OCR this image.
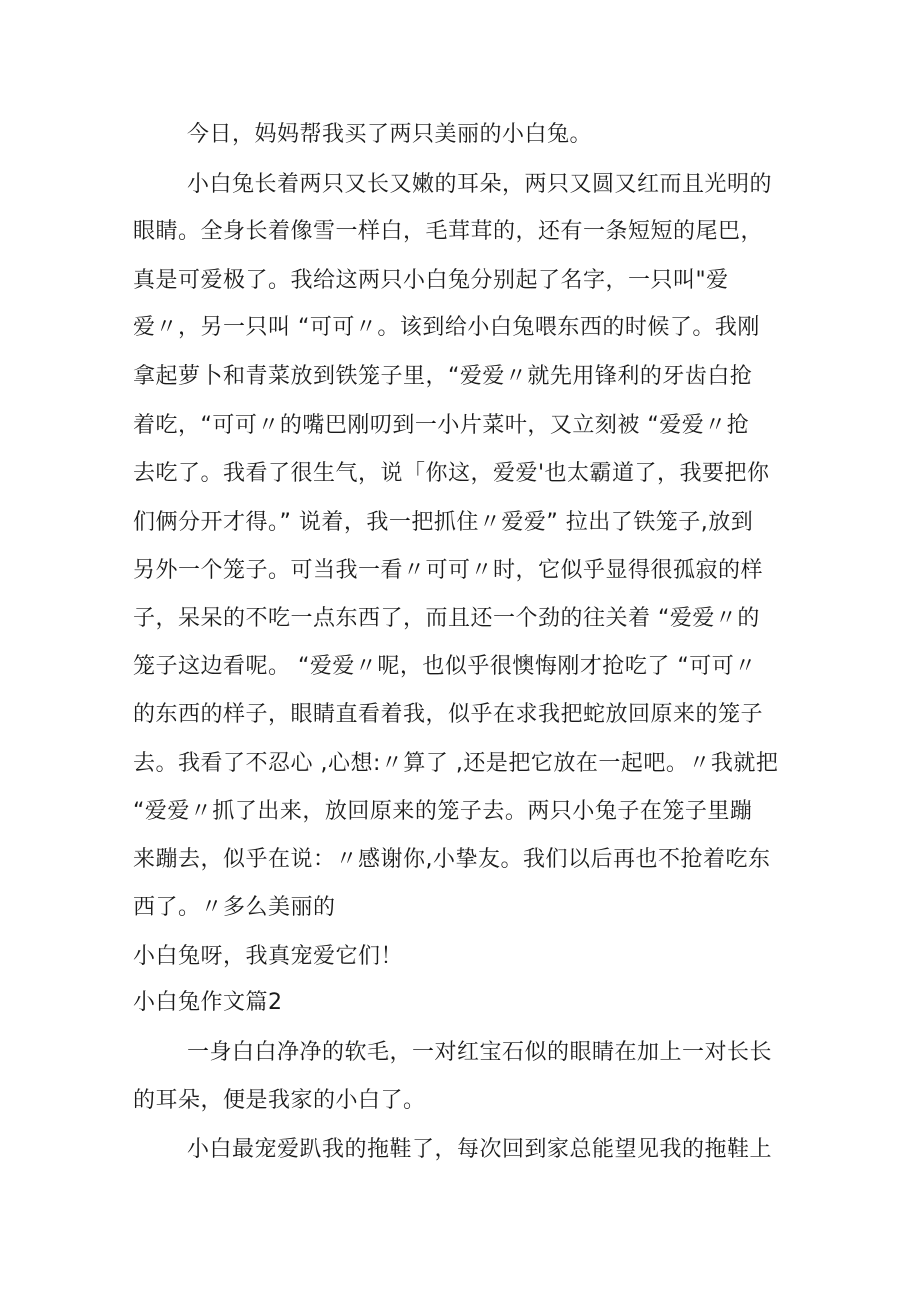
今日，妈妈帮我买了两只美丽的小白兔。
小白兔长着两只又长又嫩的耳朵，两只又圆又红而且光明的
眼睛。全身长着像雪一样白，毛茸茸的，还有一条短短的尾巴，
真是可爱极了。我给这两只小白兔分别起了名字，一只叫"爱
爱〃，另一只叫 “可可〃。该到给小白兔喂东西的时候了。我刚
拿起萝卜和青菜放到铁笼子里，“爱爱〃就先用锋利的牙齿白抢
着吃，“可可〃的嘴巴刚叨到一小片菜叶，又立刻被 “爱爱〃抢
去吃了。我看了很生气，说「你这，爱爱'也太霸道了，我要把你
们俩分开才得。” 说着，我一把抓住〃爱爱” 拉出了铁笼子,放到
另外一个笼子。可当我一看〃可可〃时，它似乎显得很孤寂的样
子，呆呆的不吃一点东西了，而且还一个劲的往关着 “爱爱〃的
笼子这边看呢。 “爱爱〃呢，也似乎很懊悔刚才抢吃了 “可可〃
的东西的样子，眼睛直看着我，似乎在求我把蛇放回原来的笼子
去。我看了不忍心 ,心想:〃算了 ,还是把它放在一起吧。〃我就把
“爱爱〃抓了出来，放回原来的笼子去。两只小兔子在笼子里蹦
来蹦去，似乎在说：〃感谢你,小挚友。我们以后再也不抢着吃东
西了。〃多么美丽的
小白兔呀，我真宠爱它们！
小白兔作文篇2
一身白白净净的软毛，一对红宝石似的眼睛在加上一对长长
的耳朵，便是我家的小白了。
小白最宠爱趴我的拖鞋了，每次回到家总能望见我的拖鞋上
